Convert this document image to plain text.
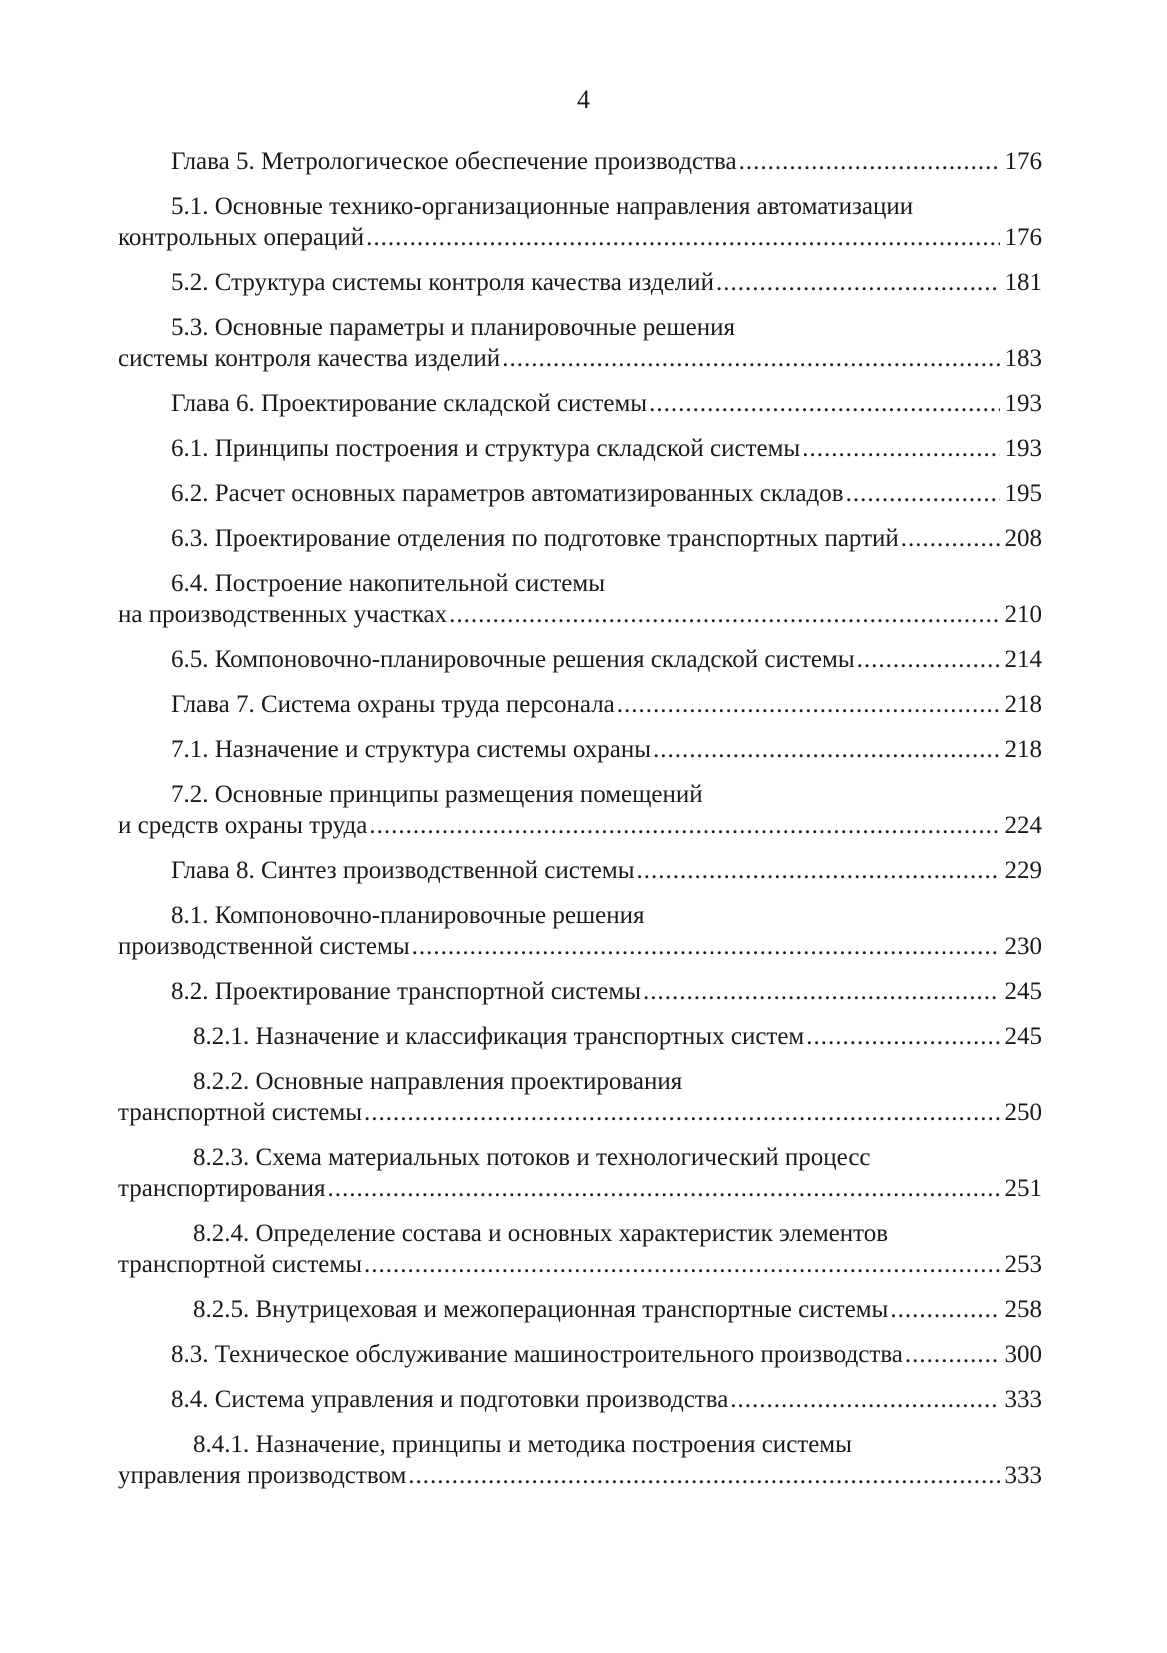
4
Глава 5. Метрологическое обеспечение производства .....	176
5.1. Основные технико-организационные направления автоматизации
контрольных операций .....	176
5.2. Структура системы контроля качества изделий .....	181
5.3. Основные параметры и планировочные решения
системы контроля качества изделий .....	183
Глава 6. Проектирование складской системы .....	193
6.1. Принципы построения и структура складской системы .....	193
6.2. Расчет основных параметров автоматизированных складов .....	195
6.3. Проектирование отделения по подготовке транспортных партий .....	208
6.4. Построение накопительной системы
на производственных участках .....	210
6.5. Компоновочно-планировочные решения складской системы .....	214
Глава 7. Система охраны труда персонала .....	218
7.1. Назначение и структура системы охраны .....	218
7.2. Основные принципы размещения помещений
и средств охраны труда .....	224
Глава 8. Синтез производственной системы .....	229
8.1. Компоновочно-планировочные решения
производственной системы .....	230
8.2. Проектирование транспортной системы .....	245
8.2.1. Назначение и классификация транспортных систем .....	245
8.2.2. Основные направления проектирования
транспортной системы .....	250
8.2.3. Схема материальных потоков и технологический процесс
транспортирования .....	251
8.2.4. Определение состава и основных характеристик элементов
транспортной системы .....	253
8.2.5. Внутрицеховая и межоперационная транспортные системы .....	258
8.3. Техническое обслуживание машиностроительного производства .....	300
8.4. Система управления и подготовки производства .....	333
8.4.1. Назначение, принципы и методика построения системы
управления производством .....	333
